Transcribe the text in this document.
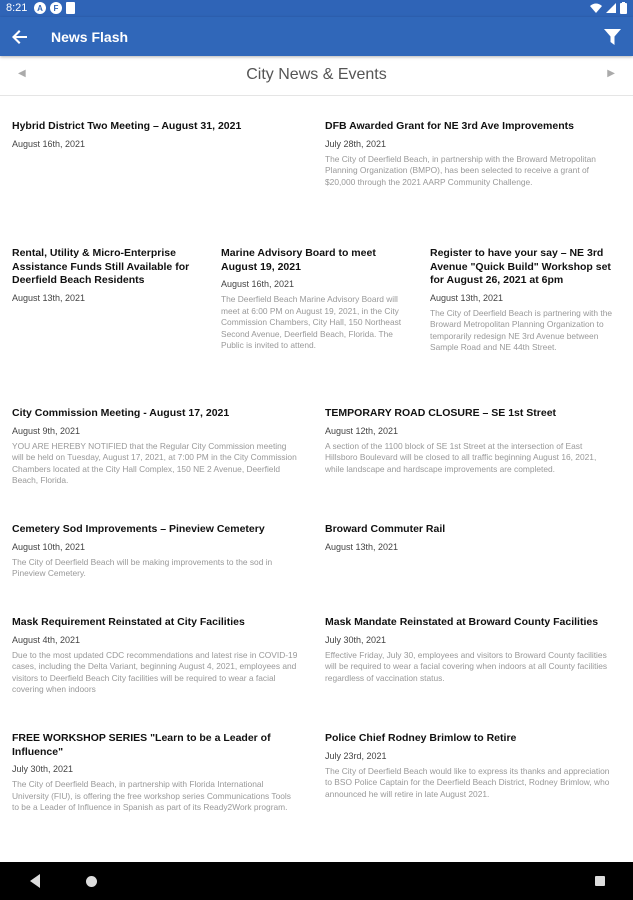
8:21	A	F
News Flash
◀	City News & Events	▶
Hybrid District Two Meeting – August 31, 2021
August 16th, 2021
DFB Awarded Grant for NE 3rd Ave Improvements
July 28th, 2021
The City of Deerfield Beach, in partnership with the Broward Metropolitan Planning Organization (BMPO), has been selected to receive a grant of $20,000 through the 2021 AARP Community Challenge.
Rental, Utility & Micro-Enterprise Assistance Funds Still Available for Deerfield Beach Residents
August 13th, 2021
Marine Advisory Board to meet August 19, 2021
August 16th, 2021
The Deerfield Beach Marine Advisory Board will meet at 6:00 PM on August 19, 2021, in the City Commission Chambers, City Hall, 150 Northeast Second Avenue, Deerfield Beach, Florida. The Public is invited to attend.
Register to have your say – NE 3rd Avenue "Quick Build" Workshop set for August 26, 2021 at 6pm
August 13th, 2021
The City of Deerfield Beach is partnering with the Broward Metropolitan Planning Organization to temporarily redesign NE 3rd Avenue between Sample Road and NE 44th Street.
City Commission Meeting - August 17, 2021
August 9th, 2021
YOU ARE HEREBY NOTIFIED that the Regular City Commission meeting will be held on Tuesday, August 17, 2021, at 7:00 PM in the City Commission Chambers located at the City Hall Complex, 150 NE 2 Avenue, Deerfield Beach, Florida.
TEMPORARY ROAD CLOSURE – SE 1st Street
August 12th, 2021
A section of the 1100 block of SE 1st Street at the intersection of East Hillsboro Boulevard will be closed to all traffic beginning August 16, 2021, while landscape and hardscape improvements are completed.
Cemetery Sod Improvements – Pineview Cemetery
August 10th, 2021
The City of Deerfield Beach will be making improvements to the sod in Pineview Cemetery.
Broward Commuter Rail
August 13th, 2021
Mask Requirement Reinstated at City Facilities
August 4th, 2021
Due to the most updated CDC recommendations and latest rise in COVID-19 cases, including the Delta Variant, beginning August 4, 2021, employees and visitors to Deerfield Beach City facilities will be required to wear a facial covering when indoors
Mask Mandate Reinstated at Broward County Facilities
July 30th, 2021
Effective Friday, July 30, employees and visitors to Broward County facilities will be required to wear a facial covering when indoors at all County facilities regardless of vaccination status.
FREE WORKSHOP SERIES "Learn to be a Leader of Influence"
July 30th, 2021
The City of Deerfield Beach, in partnership with Florida International University (FIU), is offering the free workshop series Communications Tools to be a Leader of Influence in Spanish as part of its Ready2Work program.
Police Chief Rodney Brimlow to Retire
July 23rd, 2021
The City of Deerfield Beach would like to express its thanks and appreciation to BSO Police Captain for the Deerfield Beach District, Rodney Brimlow, who announced he will retire in late August 2021.
